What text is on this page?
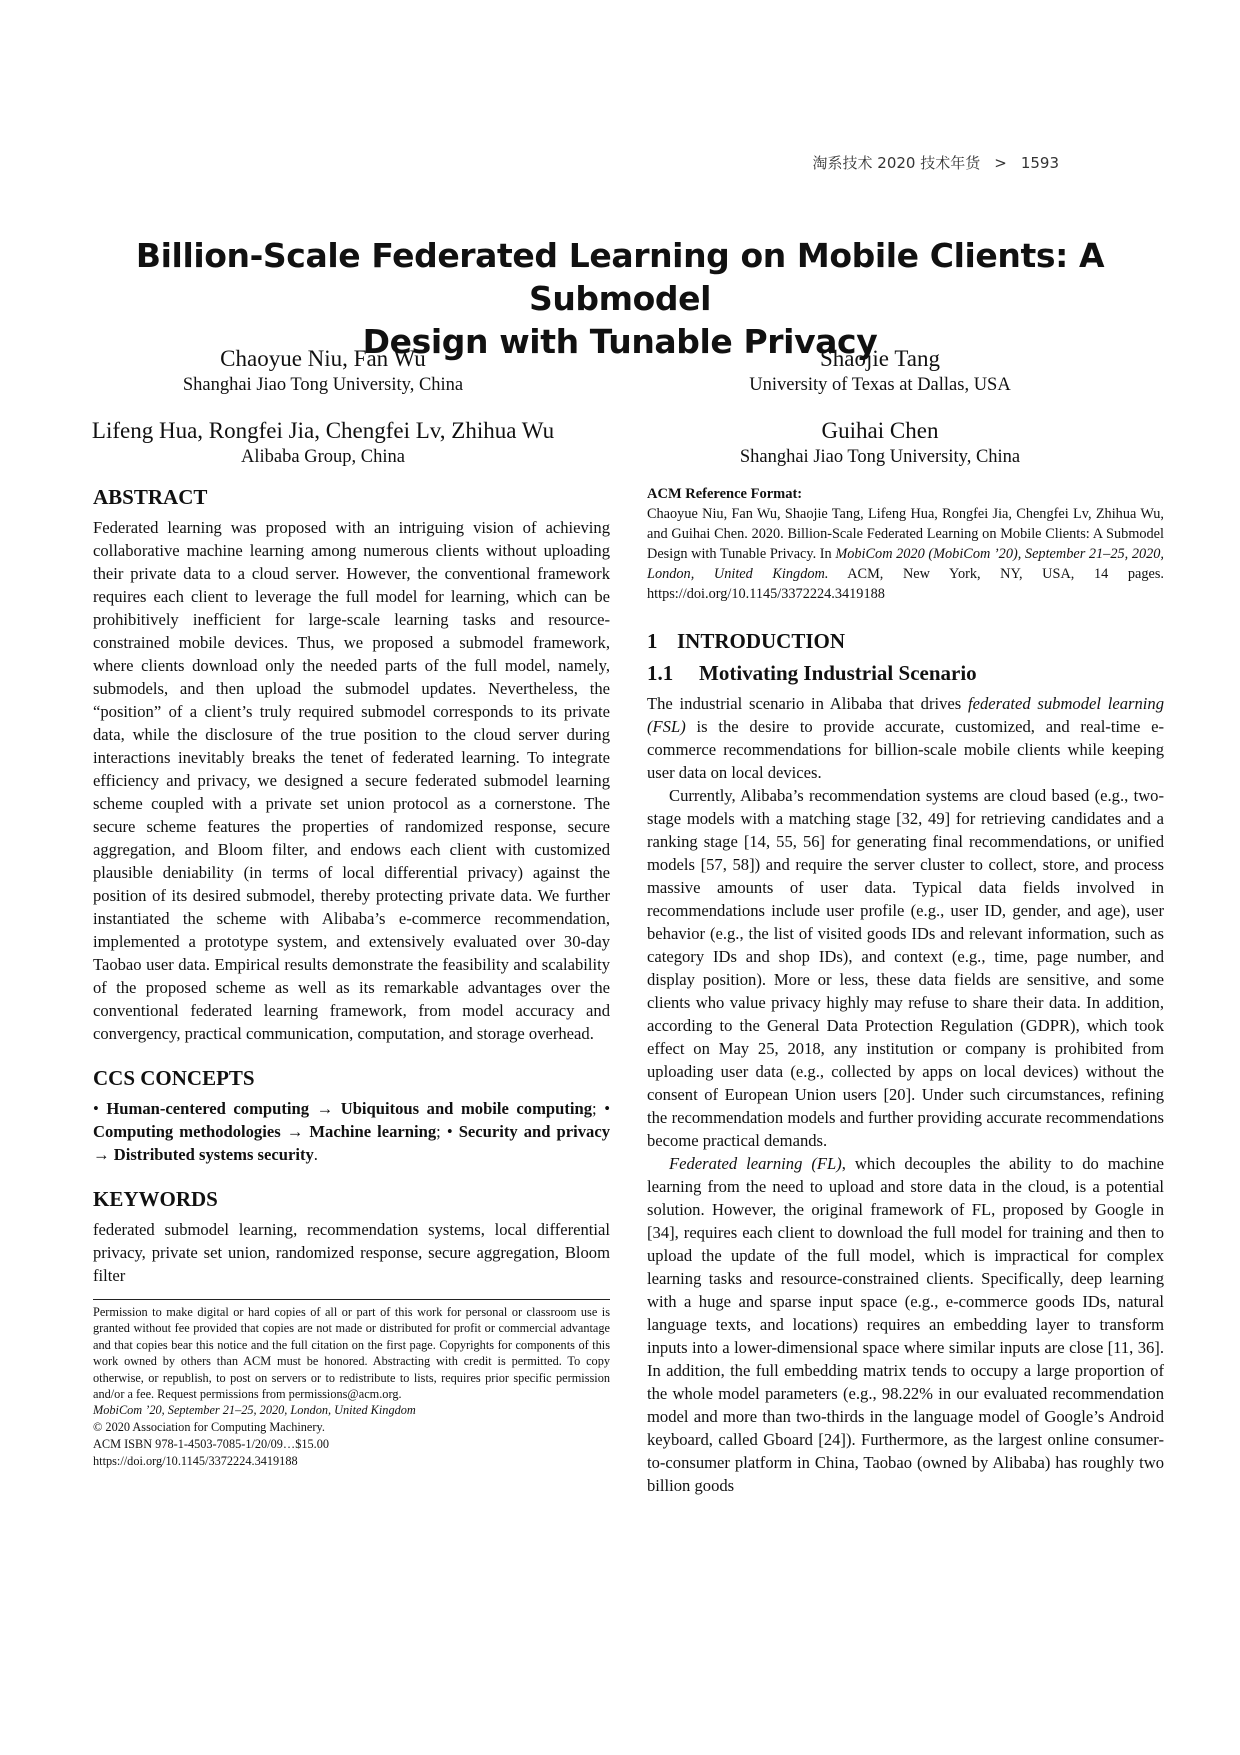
淘系技术 2020 技术年货 > 1593
Billion-Scale Federated Learning on Mobile Clients: A Submodel
Design with Tunable Privacy
Chaoyue Niu, Fan Wu
Shanghai Jiao Tong University, China
Shaojie Tang
University of Texas at Dallas, USA
Lifeng Hua, Rongfei Jia, Chengfei Lv, Zhihua Wu
Alibaba Group, China
Guihai Chen
Shanghai Jiao Tong University, China
ABSTRACT

Federated learning was proposed with an intriguing vision of achieving collaborative machine learning among numerous clients without uploading their private data to a cloud server. However, the conventional framework requires each client to leverage the full model for learning, which can be prohibitively inefficient for large-scale learning tasks and resource-constrained mobile devices. Thus, we proposed a submodel framework, where clients download only the needed parts of the full model, namely, submodels, and then upload the submodel updates. Nevertheless, the “position” of a client’s truly required submodel corresponds to its private data, while the disclosure of the true position to the cloud server during interactions inevitably breaks the tenet of federated learning. To integrate efficiency and privacy, we designed a secure federated submodel learning scheme coupled with a private set union protocol as a cornerstone. The secure scheme features the properties of randomized response, secure aggregation, and Bloom filter, and endows each client with customized plausible deniability (in terms of local differential privacy) against the position of its desired submodel, thereby protecting private data. We further instantiated the scheme with Alibaba’s e-commerce recommendation, implemented a prototype system, and extensively evaluated over 30-day Taobao user data. Empirical results demonstrate the feasibility and scalability of the proposed scheme as well as its remarkable advantages over the conventional federated learning framework, from model accuracy and convergency, practical communication, computation, and storage overhead.

CCS CONCEPTS

• Human-centered computing → Ubiquitous and mobile computing; • Computing methodologies → Machine learning; • Security and privacy → Distributed systems security.

KEYWORDS

federated submodel learning, recommendation systems, local differential privacy, private set union, randomized response, secure aggregation, Bloom filter

Permission to make digital or hard copies of all or part of this work for personal or classroom use is granted without fee provided that copies are not made or distributed for profit or commercial advantage and that copies bear this notice and the full citation on the first page. Copyrights for components of this work owned by others than ACM must be honored. Abstracting with credit is permitted. To copy otherwise, or republish, to post on servers or to redistribute to lists, requires prior specific permission and/or a fee. Request permissions from permissions@acm.org.

MobiCom ’20, September 21–25, 2020, London, United Kingdom

© 2020 Association for Computing Machinery.

ACM ISBN 978-1-4503-7085-1/20/09…$15.00

https://doi.org/10.1145/3372224.3419188

ACM Reference Format:

Chaoyue Niu, Fan Wu, Shaojie Tang, Lifeng Hua, Rongfei Jia, Chengfei Lv, Zhihua Wu, and Guihai Chen. 2020. Billion-Scale Federated Learning on Mobile Clients: A Submodel Design with Tunable Privacy. In MobiCom 2020 (MobiCom ’20), September 21–25, 2020, London, United Kingdom. ACM, New York, NY, USA, 14 pages. https://doi.org/10.1145/3372224.3419188

1 INTRODUCTION
1.1 Motivating Industrial Scenario

The industrial scenario in Alibaba that drives federated submodel learning (FSL) is the desire to provide accurate, customized, and real-time e-commerce recommendations for billion-scale mobile clients while keeping user data on local devices.

Currently, Alibaba’s recommendation systems are cloud based (e.g., two-stage models with a matching stage [32, 49] for retrieving candidates and a ranking stage [14, 55, 56] for generating final recommendations, or unified models [57, 58]) and require the server cluster to collect, store, and process massive amounts of user data. Typical data fields involved in recommendations include user profile (e.g., user ID, gender, and age), user behavior (e.g., the list of visited goods IDs and relevant information, such as category IDs and shop IDs), and context (e.g., time, page number, and display position). More or less, these data fields are sensitive, and some clients who value privacy highly may refuse to share their data. In addition, according to the General Data Protection Regulation (GDPR), which took effect on May 25, 2018, any institution or company is prohibited from uploading user data (e.g., collected by apps on local devices) without the consent of European Union users [20]. Under such circumstances, refining the recommendation models and further providing accurate recommendations become practical demands.

Federated learning (FL), which decouples the ability to do machine learning from the need to upload and store data in the cloud, is a potential solution. However, the original framework of FL, proposed by Google in [34], requires each client to download the full model for training and then to upload the update of the full model, which is impractical for complex learning tasks and resource-constrained clients. Specifically, deep learning with a huge and sparse input space (e.g., e-commerce goods IDs, natural language texts, and locations) requires an embedding layer to transform inputs into a lower-dimensional space where similar inputs are close [11, 36]. In addition, the full embedding matrix tends to occupy a large proportion of the whole model parameters (e.g., 98.22% in our evaluated recommendation model and more than two-thirds in the language model of Google’s Android keyboard, called Gboard [24]). Furthermore, as the largest online consumer-to-consumer platform in China, Taobao (owned by Alibaba) has roughly two billion goods
